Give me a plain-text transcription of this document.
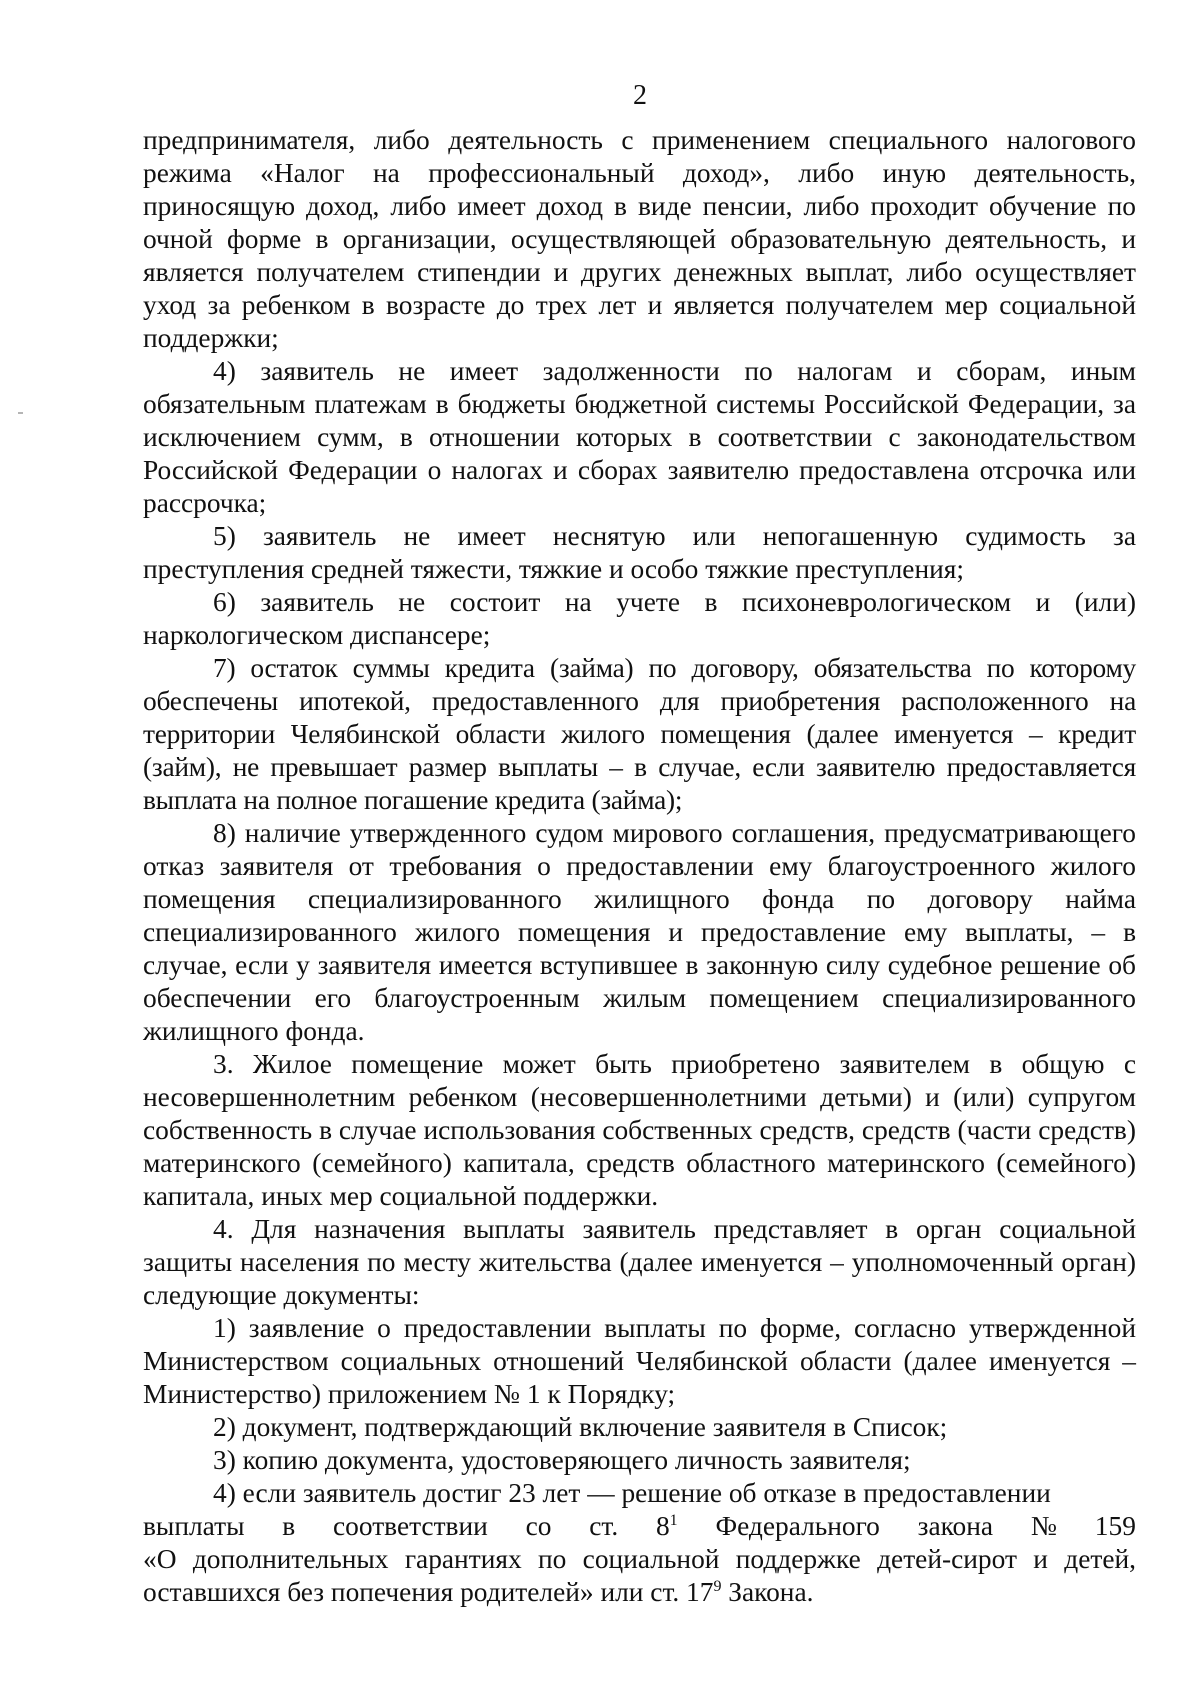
2

предпринимателя, либо деятельность с применением специального налогового режима «Налог на профессиональный доход», либо иную деятельность, приносящую доход, либо имеет доход в виде пенсии, либо проходит обучение по очной форме в организации, осуществляющей образовательную деятельность, и является получателем стипендии и других денежных выплат, либо осуществляет уход за ребенком в возрасте до трех лет и является получателем мер социальной поддержки;

4) заявитель не имеет задолженности по налогам и сборам, иным обязательным платежам в бюджеты бюджетной системы Российской Федерации, за исключением сумм, в отношении которых в соответствии с законодательством Российской Федерации о налогах и сборах заявителю предоставлена отсрочка или рассрочка;

5) заявитель не имеет неснятую или непогашенную судимость за преступления средней тяжести, тяжкие и особо тяжкие преступления;

6) заявитель не состоит на учете в психоневрологическом и (или) наркологическом диспансере;

7) остаток суммы кредита (займа) по договору, обязательства по которому обеспечены ипотекой, предоставленного для приобретения расположенного на территории Челябинской области жилого помещения (далее именуется – кредит (займ), не превышает размер выплаты – в случае, если заявителю предоставляется выплата на полное погашение кредита (займа);

8) наличие утвержденного судом мирового соглашения, предусматривающего отказ заявителя от требования о предоставлении ему благоустроенного жилого помещения специализированного жилищного фонда по договору найма специализированного жилого помещения и предоставление ему выплаты, – в случае, если у заявителя имеется вступившее в законную силу судебное решение об обеспечении его благоустроенным жилым помещением специализированного жилищного фонда.

3. Жилое помещение может быть приобретено заявителем в общую с несовершеннолетним ребенком (несовершеннолетними детьми) и (или) супругом собственность в случае использования собственных средств, средств (части средств) материнского (семейного) капитала, средств областного материнского (семейного) капитала, иных мер социальной поддержки.

4. Для назначения выплаты заявитель представляет в орган социальной защиты населения по месту жительства (далее именуется – уполномоченный орган) следующие документы:

1) заявление о предоставлении выплаты по форме, согласно утвержденной Министерством социальных отношений Челябинской области (далее именуется – Министерство) приложением № 1 к Порядку;

2) документ, подтверждающий включение заявителя в Список;

3) копию документа, удостоверяющего личность заявителя;

4) если заявитель достиг 23 лет — решение об отказе в предоставлении

выплаты в соответствии со ст. $8^1$ Федерального закона № 159

«О дополнительных гарантиях по социальной поддержке детей-сирот и детей, оставшихся без попечения родителей» или ст. $17^9$ Закона.
